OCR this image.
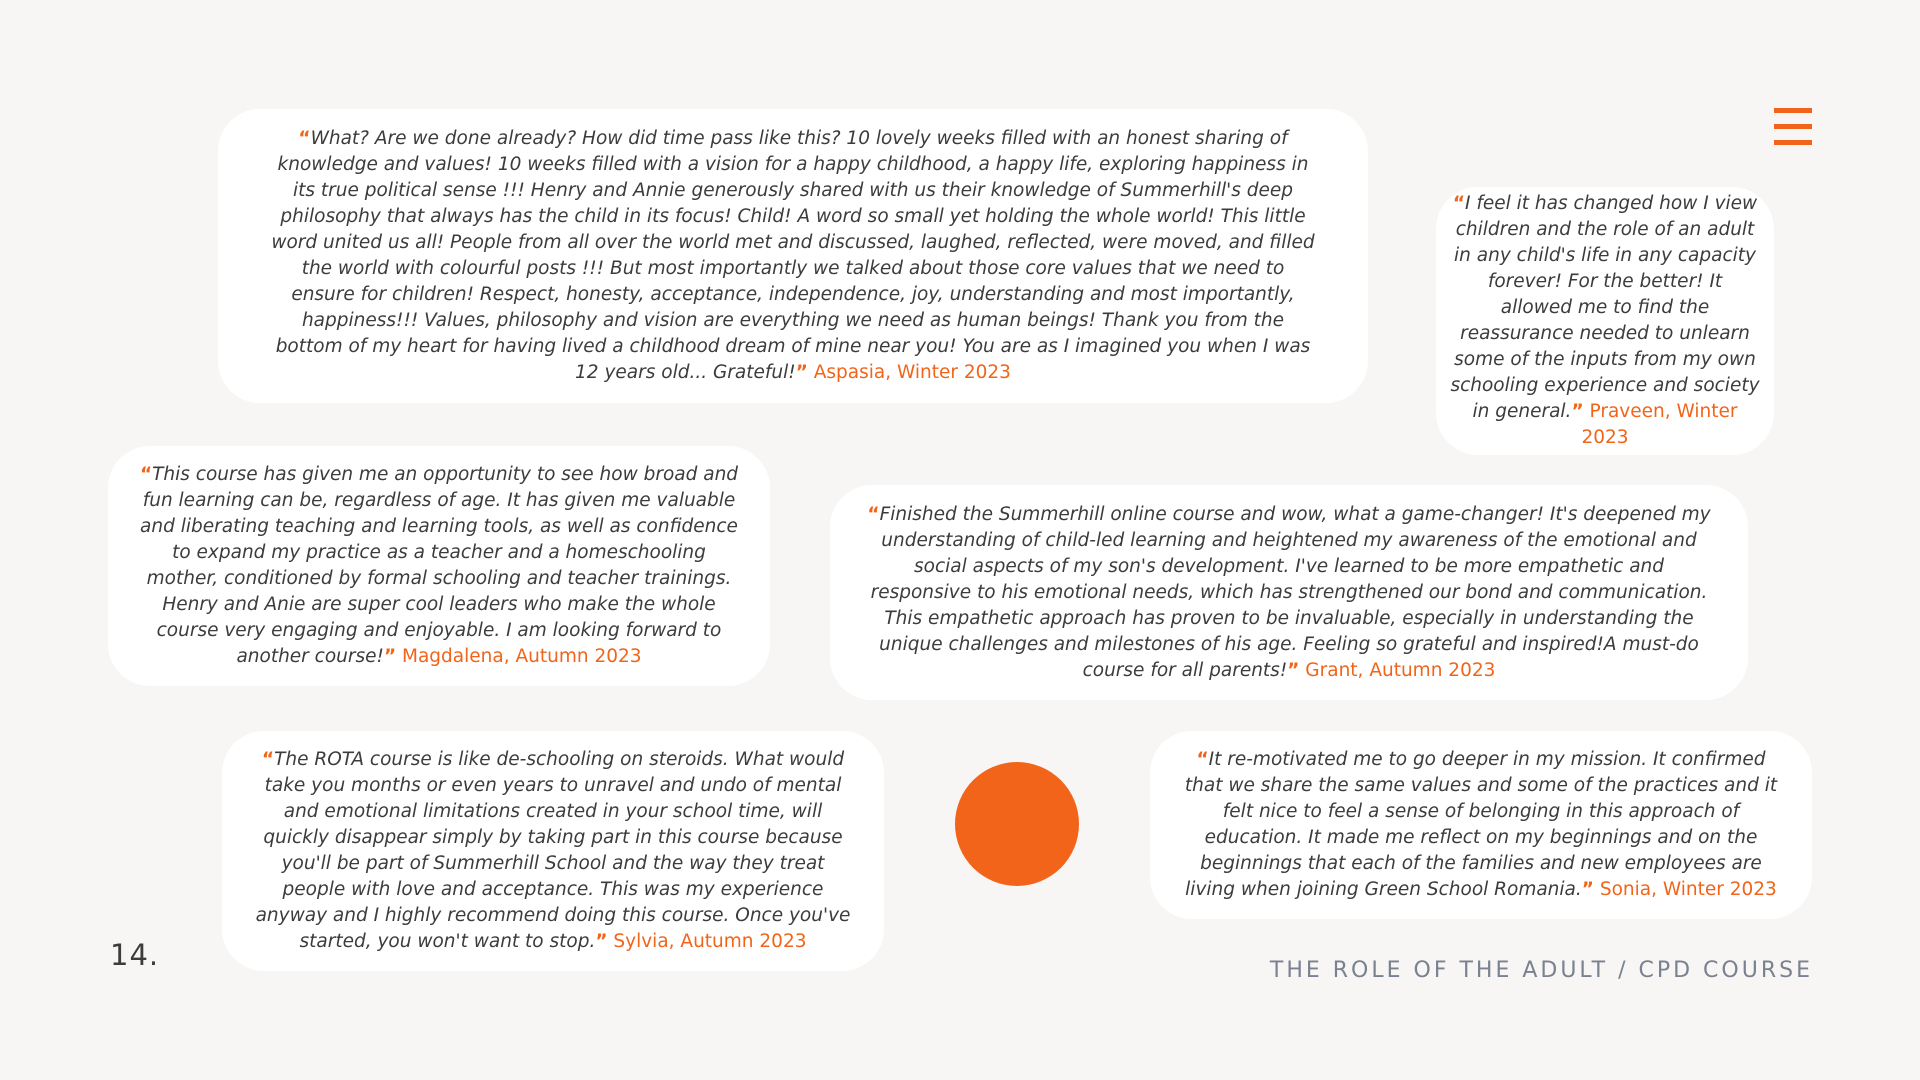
“What? Are we done already? How did time pass like this? 10 lovely weeks filled with an honest sharing of knowledge and values! 10 weeks filled with a vision for a happy childhood, a happy life, exploring happiness in its true political sense !!! Henry and Annie generously shared with us their knowledge of Summerhill's deep philosophy that always has the child in its focus! Child! A word so small yet holding the whole world! This little word united us all! People from all over the world met and discussed, laughed, reflected, were moved, and filled the world with colourful posts !!! But most importantly we talked about those core values that we need to ensure for children! Respect, honesty, acceptance, independence, joy, understanding and most importantly, happiness!!! Values, philosophy and vision are everything we need as human beings! Thank you from the bottom of my heart for having lived a childhood dream of mine near you! You are as I imagined you when I was 12 years old... Grateful!” Aspasia, Winter 2023

“I feel it has changed how I view children and the role of an adult in any child's life in any capacity forever! For the better! It allowed me to find the reassurance needed to unlearn some of the inputs from my own schooling experience and society in general.” Praveen, Winter 2023

“This course has given me an opportunity to see how broad and fun learning can be, regardless of age. It has given me valuable and liberating teaching and learning tools, as well as confidence to expand my practice as a teacher and a homeschooling mother, conditioned by formal schooling and teacher trainings. Henry and Anie are super cool leaders who make the whole course very engaging and enjoyable. I am looking forward to another course!” Magdalena, Autumn 2023

“Finished the Summerhill online course and wow, what a game-changer! It's deepened my understanding of child-led learning and heightened my awareness of the emotional and social aspects of my son's development. I've learned to be more empathetic and responsive to his emotional needs, which has strengthened our bond and communication. This empathetic approach has proven to be invaluable, especially in understanding the unique challenges and milestones of his age. Feeling so grateful and inspired!A must-do course for all parents!” Grant, Autumn 2023

“The ROTA course is like de-schooling on steroids. What would take you months or even years to unravel and undo of mental and emotional limitations created in your school time, will quickly disappear simply by taking part in this course because you'll be part of Summerhill School and the way they treat people with love and acceptance. This was my experience anyway and I highly recommend doing this course. Once you've started, you won't want to stop.” Sylvia, Autumn 2023

“It re-motivated me to go deeper in my mission. It confirmed that we share the same values and some of the practices and it felt nice to feel a sense of belonging in this approach of education. It made me reflect on my beginnings and on the beginnings that each of the families and new employees are living when joining Green School Romania.” Sonia, Winter 2023

14.	THE ROLE OF THE ADULT / CPD COURSE
